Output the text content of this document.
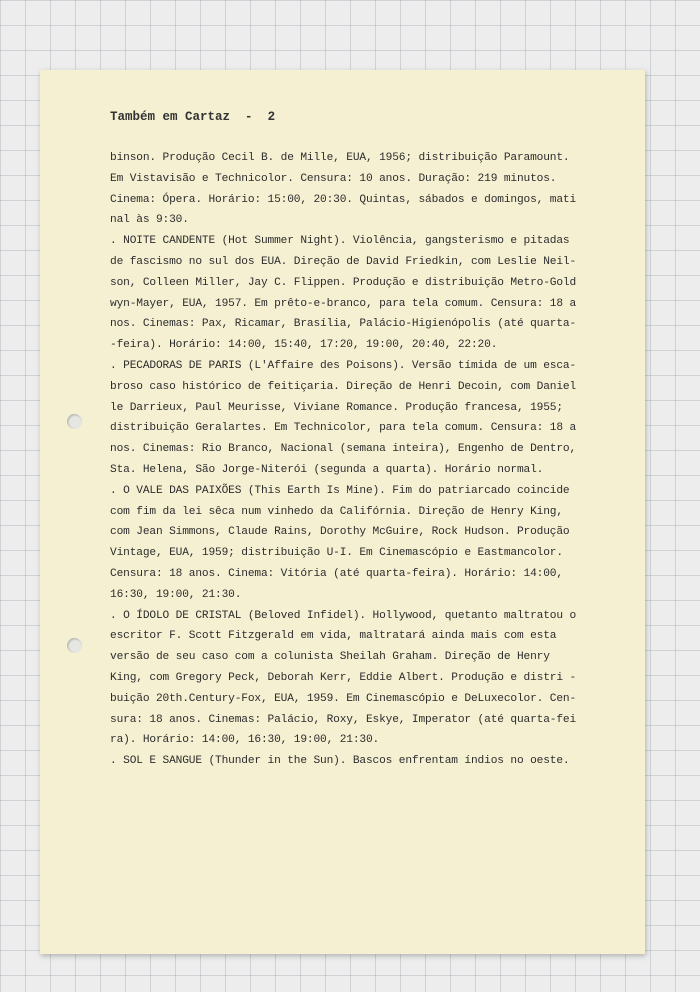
Também em Cartaz - 2
binson. Produção Cecil B. de Mille, EUA, 1956; distribuição Paramount.
Em Vistavisão e Technicolor. Censura: 10 anos. Duração: 219 minutos.
Cinema: Ópera. Horário: 15:00, 20:30. Quintas, sábados e domingos, mati
nal às 9:30.
. NOITE CANDENTE (Hot Summer Night). Violência, gangsterismo e pitadas
de fascismo no sul dos EUA. Direção de David Friedkin, com Leslie Neil-
son, Colleen Miller, Jay C. Flippen. Produção e distribuição Metro-Gold
wyn-Mayer, EUA, 1957. Em prêto-e-branco, para tela comum. Censura: 18 a
nos. Cinemas: Pax, Ricamar, Brasília, Palácio-Higienópolis (até quarta-
-feira). Horário: 14:00, 15:40, 17:20, 19:00, 20:40, 22:20.
. PECADORAS DE PARIS (L'Affaire des Poisons). Versão tímida de um esca-
broso caso histórico de feitiçaria. Direção de Henri Decoin, com Daniel
le Darrieux, Paul Meurisse, Viviane Romance. Produção francesa, 1955;
distribuição Geralartes. Em Technicolor, para tela comum. Censura: 18 a
nos. Cinemas: Rio Branco, Nacional (semana inteira), Engenho de Dentro,
Sta. Helena, São Jorge-Niterói (segunda a quarta). Horário normal.
. O VALE DAS PAIXÕES (This Earth Is Mine). Fim do patriarcado coincide
com fim da lei sêca num vinhedo da Califórnia. Direção de Henry King,
com Jean Simmons, Claude Rains, Dorothy McGuire, Rock Hudson. Produção
Vintage, EUA, 1959; distribuição U-I. Em Cinemascópio e Eastmancolor.
Censura: 18 anos. Cinema: Vitória (até quarta-feira). Horário: 14:00,
16:30, 19:00, 21:30.
. O ÍDOLO DE CRISTAL (Beloved Infidel). Hollywood, quetanto maltratou o
escritor F. Scott Fitzgerald em vida, maltratará ainda mais com esta
versão de seu caso com a colunista Sheilah Graham. Direção de Henry
King, com Gregory Peck, Deborah Kerr, Eddie Albert. Produção e distri -
buição 20th.Century-Fox, EUA, 1959. Em Cinemascópio e DeLuxecolor. Cen-
sura: 18 anos. Cinemas: Palácio, Roxy, Eskye, Imperator (até quarta-fei
ra). Horário: 14:00, 16:30, 19:00, 21:30.
. SOL E SANGUE (Thunder in the Sun). Bascos enfrentam índios no oeste.
